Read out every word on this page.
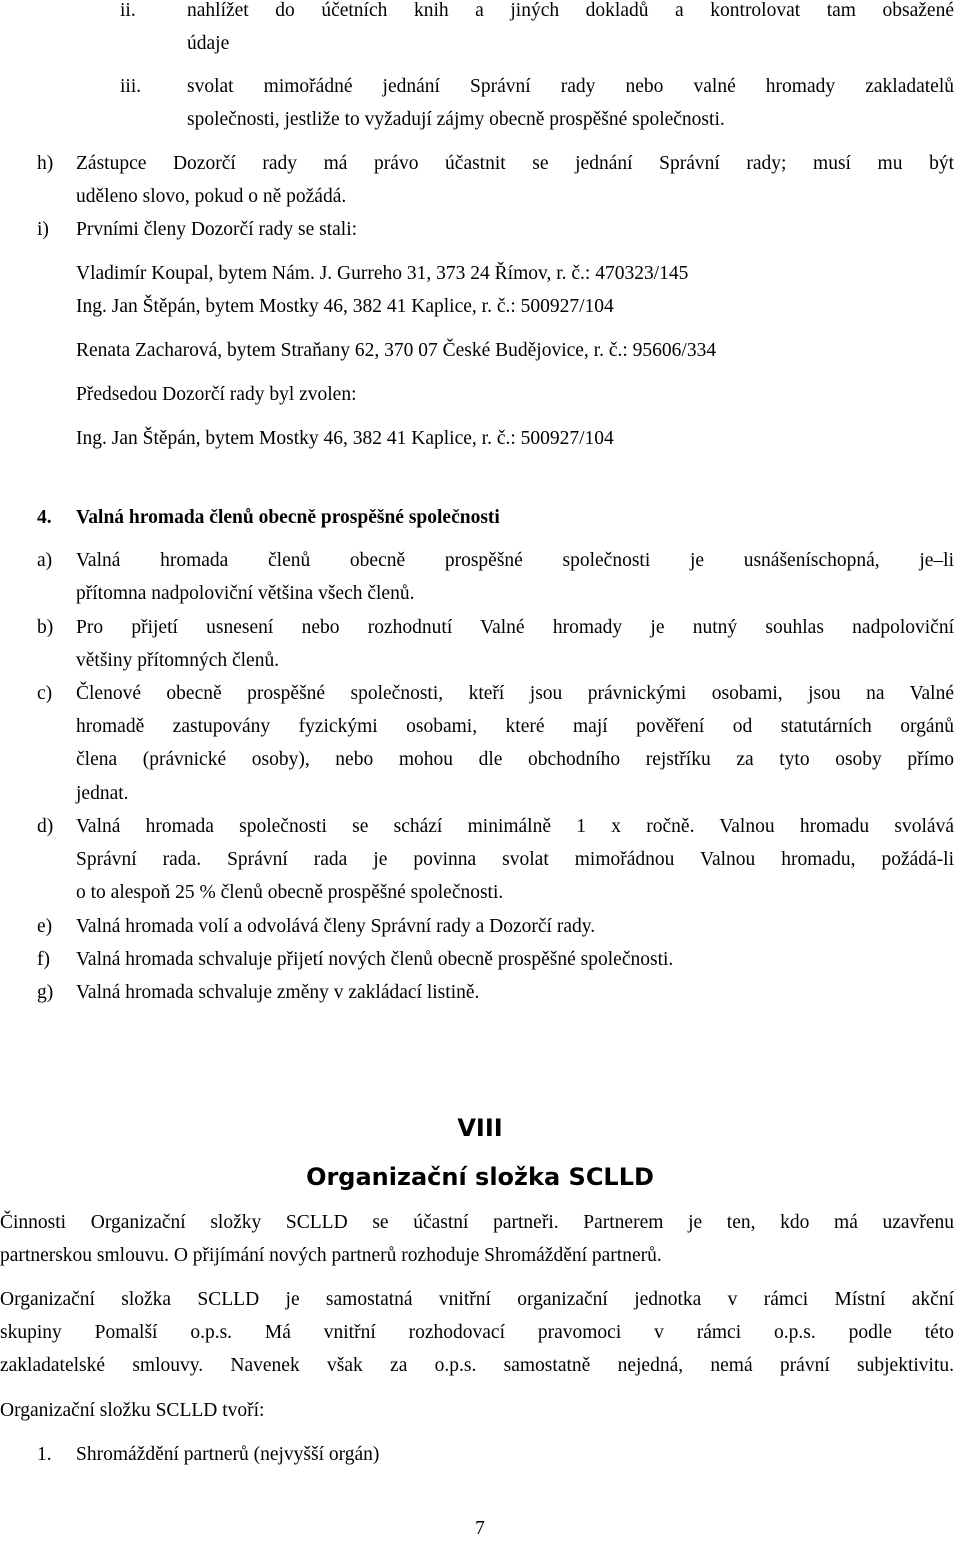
ii.	nahlížet do účetních knih a jiných dokladů a kontrolovat tam obsažené
údaje
iii. svolat mimořádné jednání Správní rady nebo valné hromady zakladatelů
společnosti, jestliže to vyžadují zájmy obecně prospěšné společnosti.
h) Zástupce Dozorčí rady má právo účastnit se jednání Správní rady; musí mu být
uděleno slovo, pokud o ně požádá.
i) Prvními členy Dozorčí rady se stali:
Vladimír Koupal, bytem Nám. J. Gurreho 31, 373 24 Římov, r. č.: 470323/145
Ing. Jan Štěpán, bytem Mostky 46, 382 41 Kaplice, r. č.: 500927/104
Renata Zacharová, bytem Straňany 62, 370 07 České Budějovice, r. č.: 95606/334
Předsedou Dozorčí rady byl zvolen:
Ing. Jan Štěpán, bytem Mostky 46, 382 41 Kaplice, r. č.: 500927/104
4. Valná hromada členů obecně prospěšné společnosti
a) Valná hromada členů obecně prospěšné společnosti je usnášeníschopná, je–li
přítomna nadpoloviční většina všech členů.
b) Pro přijetí usnesení nebo rozhodnutí Valné hromady je nutný souhlas nadpoloviční
většiny přítomných členů.
c) Členové obecně prospěšné společnosti, kteří jsou právnickými osobami, jsou na Valné
hromadě zastupovány fyzickými osobami, které mají pověření od statutárních orgánů
člena (právnické osoby), nebo mohou dle obchodního rejstříku za tyto osoby přímo
jednat.
d) Valná hromada společnosti se schází minimálně 1 x ročně. Valnou hromadu svolává
Správní rada. Správní rada je povinna svolat mimořádnou Valnou hromadu, požádá-li
o to alespoň 25 % členů obecně prospěšné společnosti.
e) Valná hromada volí a odvolává členy Správní rady a Dozorčí rady.
f) Valná hromada schvaluje přijetí nových členů obecně prospěšné společnosti.
g) Valná hromada schvaluje změny v zakládací listině.
VIII
Organizační složka SCLLD
Činnosti Organizační složky SCLLD se účastní partneři. Partnerem je ten, kdo má uzavřenu
partnerskou smlouvu. O přijímání nových partnerů rozhoduje Shromáždění partnerů.
Organizační složka SCLLD je samostatná vnitřní organizační jednotka v rámci Místní akční
skupiny Pomalší o.p.s. Má vnitřní rozhodovací pravomoci v rámci o.p.s. podle této
zakladatelské smlouvy. Navenek však za o.p.s. samostatně nejedná, nemá právní subjektivitu.
Organizační složku SCLLD tvoří:
1. Shromáždění partnerů (nejvyšší orgán)
7
